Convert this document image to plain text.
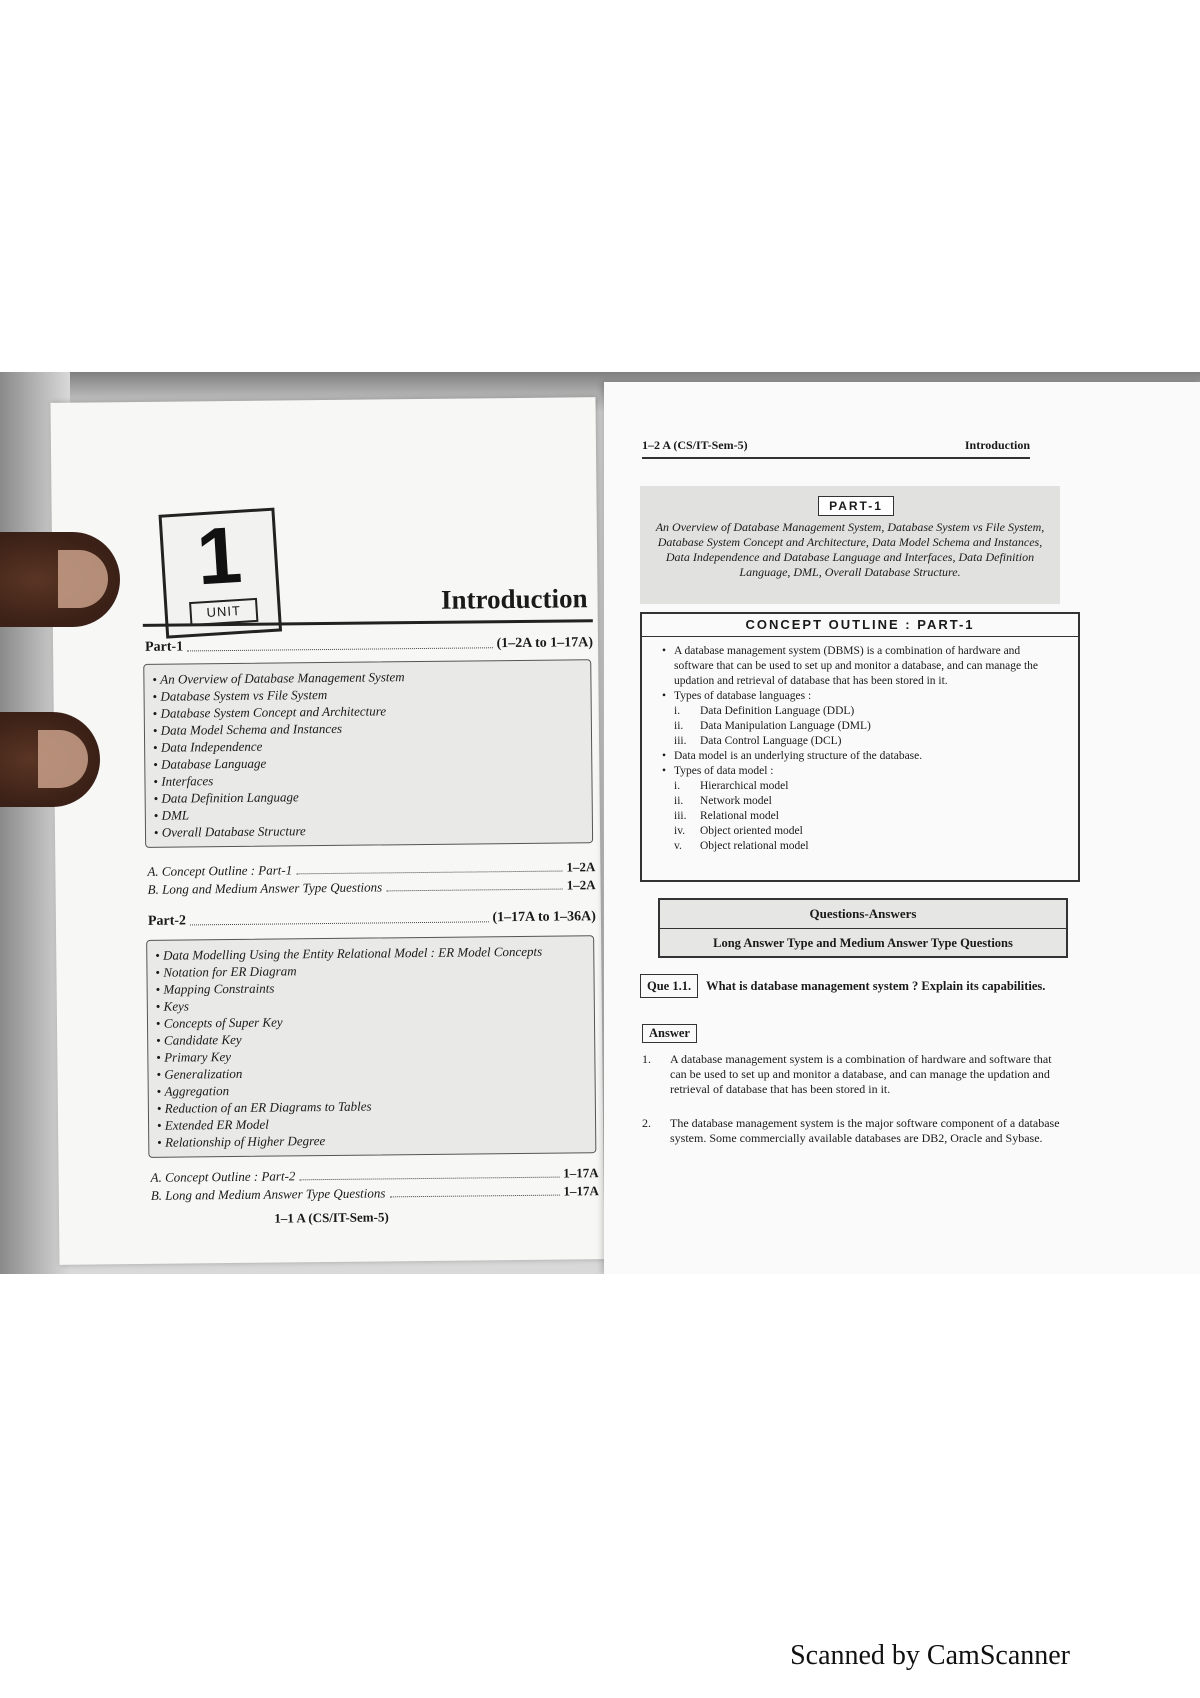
1
UNIT	Introduction
Part-1	(1–2A to 1–17A)
• An Overview of Database Management System
• Database System vs File System
• Database System Concept and Architecture
• Data Model Schema and Instances
• Data Independence
• Database Language
• Interfaces
• Data Definition Language
• DML
• Overall Database Structure
A. Concept Outline : Part-1	1–2A
B. Long and Medium Answer Type Questions	1–2A
Part-2	(1–17A to 1–36A)
• Data Modelling Using the Entity Relational Model : ER Model Concepts
• Notation for ER Diagram
• Mapping Constraints
• Keys
• Concepts of Super Key
• Candidate Key
• Primary Key
• Generalization
• Aggregation
• Reduction of an ER Diagrams to Tables
• Extended ER Model
• Relationship of Higher Degree
A. Concept Outline : Part-2	1–17A
B. Long and Medium Answer Type Questions	1–17A
1–1 A (CS/IT-Sem-5)
1–2 A (CS/IT-Sem-5)	Introduction
PART-1
An Overview of Database Management System, Database System vs File System, Database System Concept and Architecture, Data Model Schema and Instances, Data Independence and Database Language and Interfaces, Data Definition Language, DML, Overall Database Structure.
CONCEPT OUTLINE : PART-1
• A database management system (DBMS) is a combination of hardware and software that can be used to set up and monitor a database, and can manage the updation and retrieval of database that has been stored in it.
• Types of database languages :
i. Data Definition Language (DDL)
ii. Data Manipulation Language (DML)
iii. Data Control Language (DCL)
• Data model is an underlying structure of the database.
• Types of data model :
i. Hierarchical model
ii. Network model
iii. Relational model
iv. Object oriented model
v. Object relational model
Questions-Answers
Long Answer Type and Medium Answer Type Questions
Que 1.1. What is database management system ? Explain its capabilities.
Answer
1.	A database management system is a combination of hardware and software that can be used to set up and monitor a database, and can manage the updation and retrieval of database that has been stored in it.
2.	The database management system is the major software component of a database system. Some commercially available databases are DB2, Oracle and Sybase.
Scanned by CamScanner
